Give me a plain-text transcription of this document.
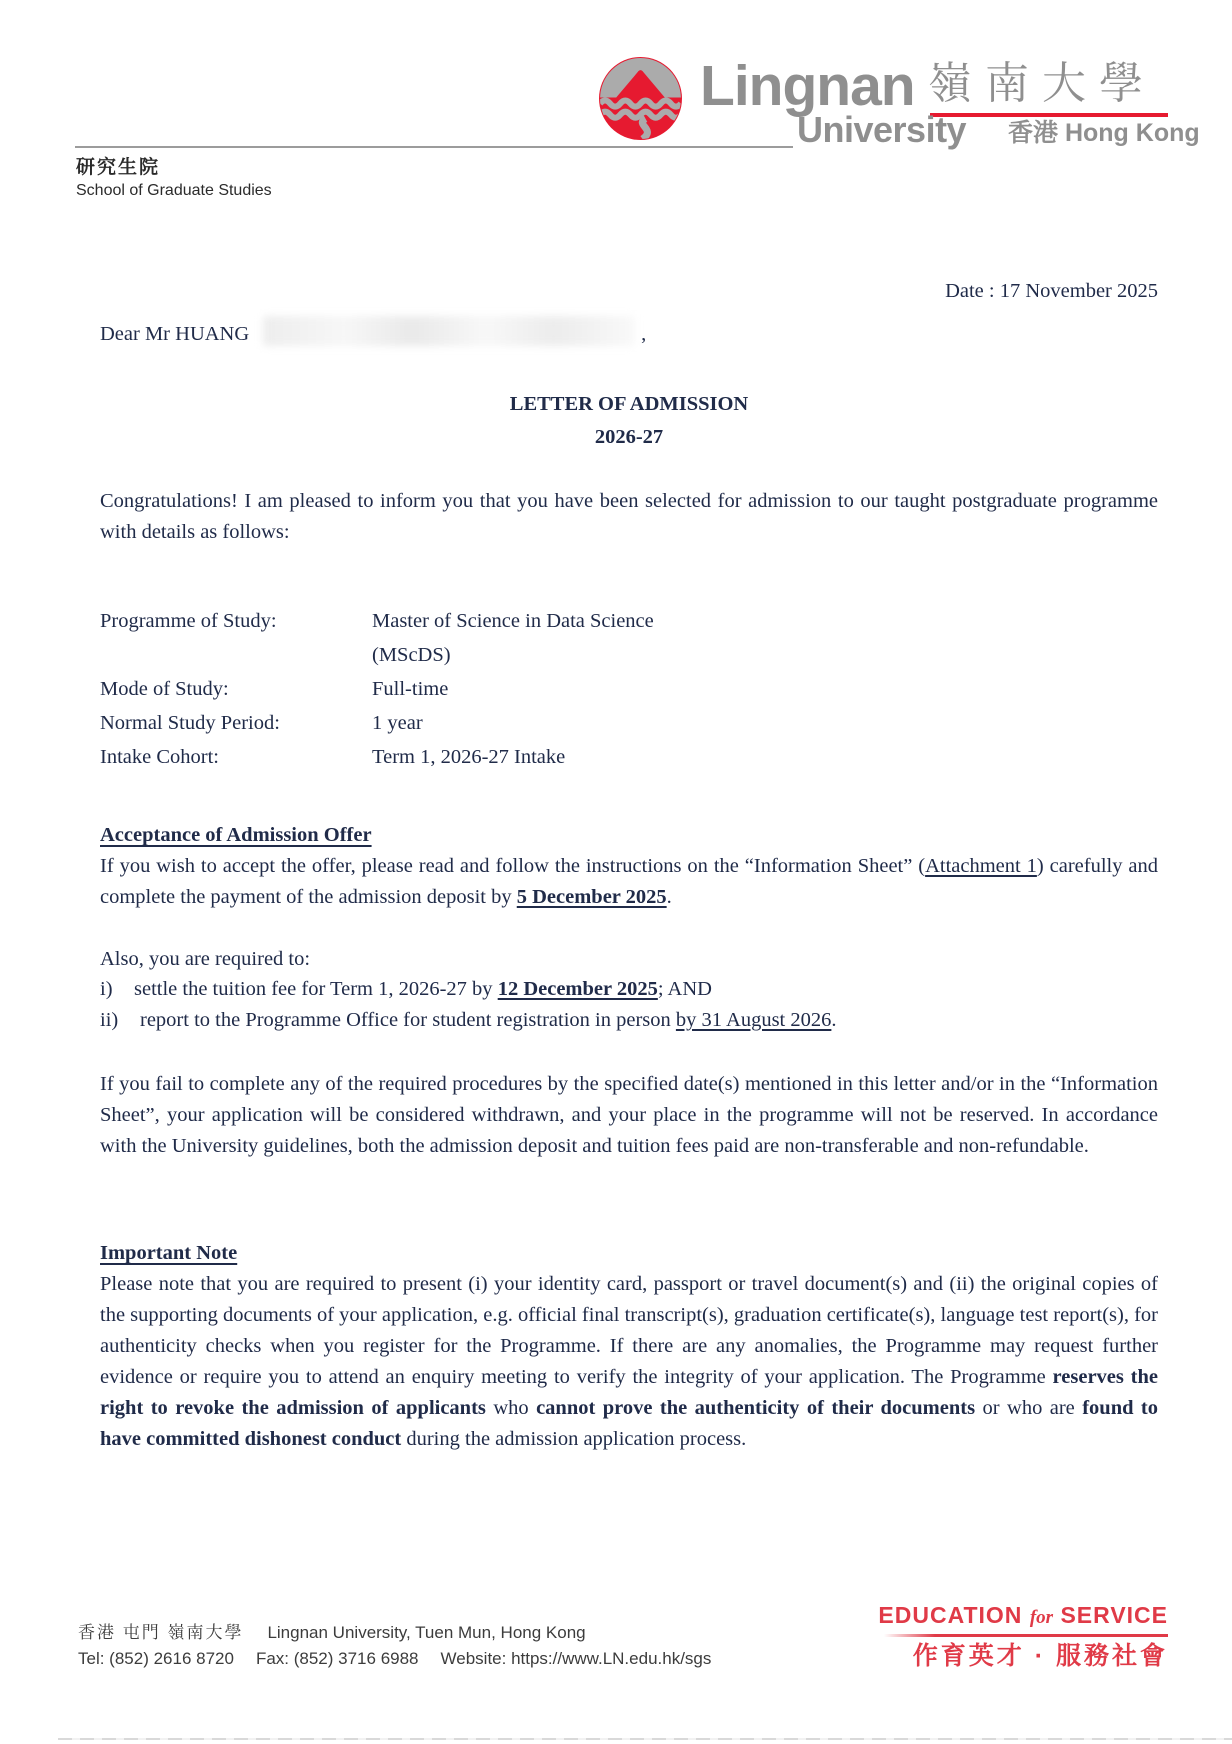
Lingnan 嶺南大學
University 香港 Hong Kong
研究生院
School of Graduate Studies
Date : 17 November 2025
Dear Mr HUANG	,
LETTER OF ADMISSION
2026-27
Congratulations! I am pleased to inform you that you have been selected for admission to our taught postgraduate programme with details as follows:
Programme of Study:	Master of Science in Data Science
(MScDS)
Mode of Study:	Full-time
Normal Study Period:	1 year
Intake Cohort:	Term 1, 2026-27 Intake
Acceptance of Admission Offer
If you wish to accept the offer, please read and follow the instructions on the “Information Sheet” (Attachment 1) carefully and complete the payment of the admission deposit by 5 December 2025.
Also, you are required to:
i)	settle the tuition fee for Term 1, 2026-27 by 12 December 2025; AND
ii)	report to the Programme Office for student registration in person by 31 August 2026.
If you fail to complete any of the required procedures by the specified date(s) mentioned in this letter and/or in the “Information Sheet”, your application will be considered withdrawn, and your place in the programme will not be reserved. In accordance with the University guidelines, both the admission deposit and tuition fees paid are non-transferable and non-refundable.
Important Note
Please note that you are required to present (i) your identity card, passport or travel document(s) and (ii) the original copies of the supporting documents of your application, e.g. official final transcript(s), graduation certificate(s), language test report(s), for authenticity checks when you register for the Programme. If there are any anomalies, the Programme may request further evidence or require you to attend an enquiry meeting to verify the integrity of your application. The Programme reserves the right to revoke the admission of applicants who cannot prove the authenticity of their documents or who are found to have committed dishonest conduct during the admission application process.
香港 屯門 嶺南大學 Lingnan University, Tuen Mun, Hong Kong
Tel: (852) 2616 8720 Fax: (852) 3716 6988 Website: https://www.LN.edu.hk/sgs
EDUCATION for SERVICE
作育英才 · 服務社會
